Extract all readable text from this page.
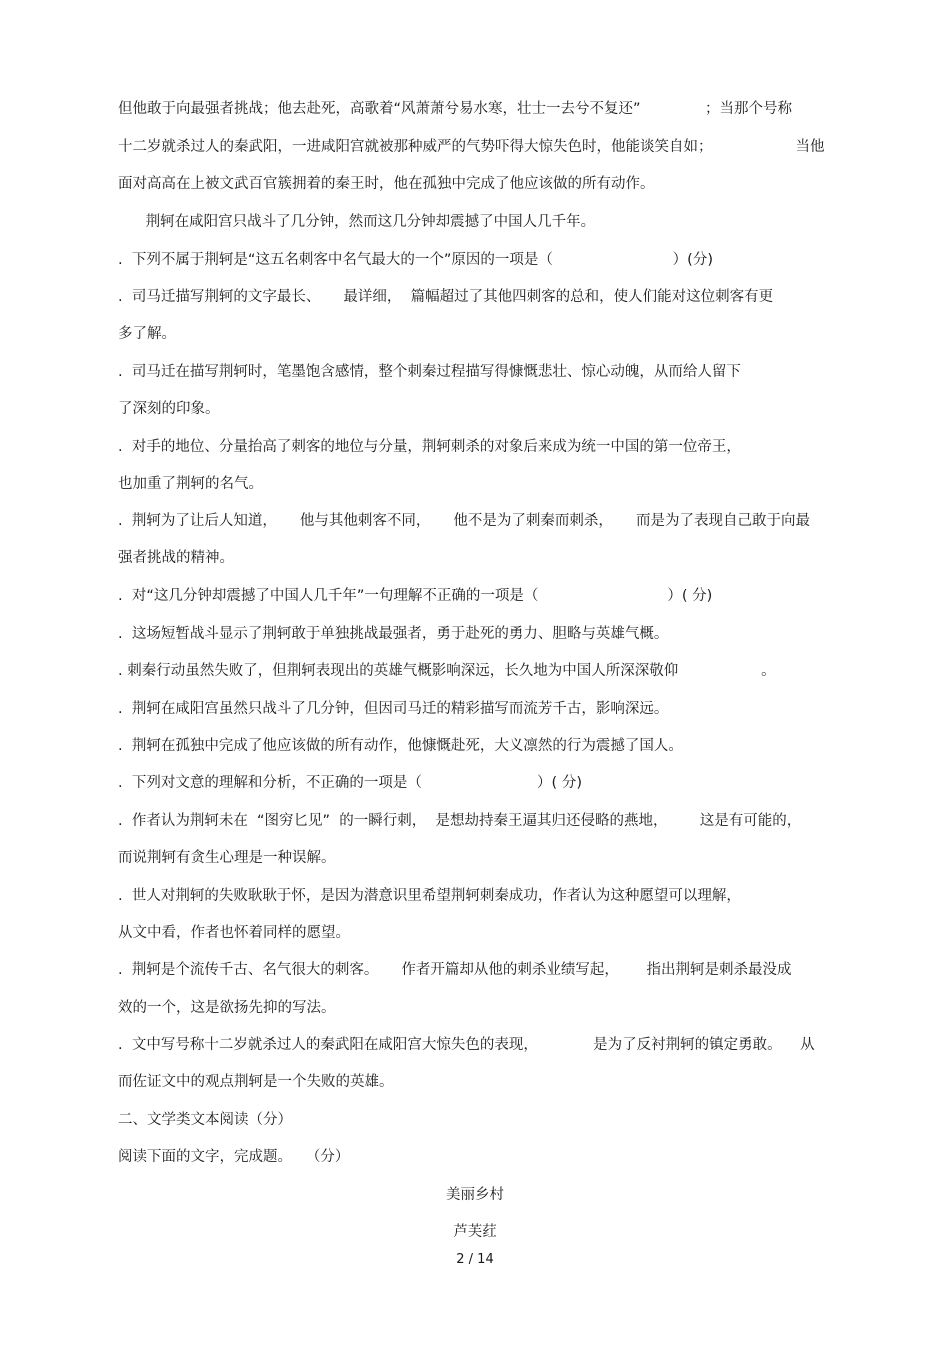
但他敢于向最强者挑战；他去赴死，高歌着“风萧萧兮易水寒，壮士一去兮不复还”              ；当那个号称
十二岁就杀过人的秦武阳，一进咸阳宫就被那种威严的气势吓得大惊失色时，他能谈笑自如；                  当他
面对高高在上被文武百官簇拥着的秦王时，他在孤独中完成了他应该做的所有动作。
荆轲在咸阳宫只战斗了几分钟，然而这几分钟却震撼了中国人几千年。
.  下列不属于荆轲是“这五名刺客中名气最大的一个”原因的一项是（                          ）(分)
.  司马迁描写荆轲的文字最长、     最详细，  篇幅超过了其他四刺客的总和，使人们能对这位刺客有更
多了解。
.  司马迁在描写荆轲时，笔墨饱含感情，整个刺秦过程描写得慷慨悲壮、惊心动魄，从而给人留下
了深刻的印象。
.  对手的地位、分量抬高了刺客的地位与分量，荆轲刺杀的对象后来成为统一中国的第一位帝王，
也加重了荆轲的名气。
.  荆轲为了让后人知道，     他与其他刺客不同，     他不是为了刺秦而刺杀，     而是为了表现自己敢于向最
强者挑战的精神。
.  对“这几分钟却震撼了中国人几千年”一句理解不正确的一项是（                            ）( 分)
.  这场短暂战斗显示了荆轲敢于单独挑战最强者，勇于赴死的勇力、胆略与英雄气概。
. 刺秦行动虽然失败了，但荆轲表现出的英雄气概影响深远，长久地为中国人所深深敬仰                  。
.  荆轲在咸阳宫虽然只战斗了几分钟，但因司马迁的精彩描写而流芳千古，影响深远。
.  荆轲在孤独中完成了他应该做的所有动作，他慷慨赴死，大义凛然的行为震撼了国人。
.  下列对文意的理解和分析，不正确的一项是（                         ）( 分)
.  作者认为荆轲未在  “图穷匕见”  的一瞬行刺，  是想劫持秦王逼其归还侵略的燕地，       这是有可能的，
而说荆轲有贪生心理是一种误解。
.  世人对荆轲的失败耿耿于怀，是因为潜意识里希望荆轲刺秦成功，作者认为这种愿望可以理解，
从文中看，作者也怀着同样的愿望。
.  荆轲是个流传千古、名气很大的刺客。     作者开篇却从他的刺杀业绩写起，      指出荆轲是刺杀最没成
效的一个，这是欲扬先抑的写法。
.  文中写号称十二岁就杀过人的秦武阳在咸阳宫大惊失色的表现，            是为了反衬荆轲的镇定勇敢。    从
而佐证文中的观点荆轲是一个失败的英雄。
二、文学类文本阅读（分）
阅读下面的文字，完成题。   （分）
美丽乡村
芦芙荭
2 / 14
